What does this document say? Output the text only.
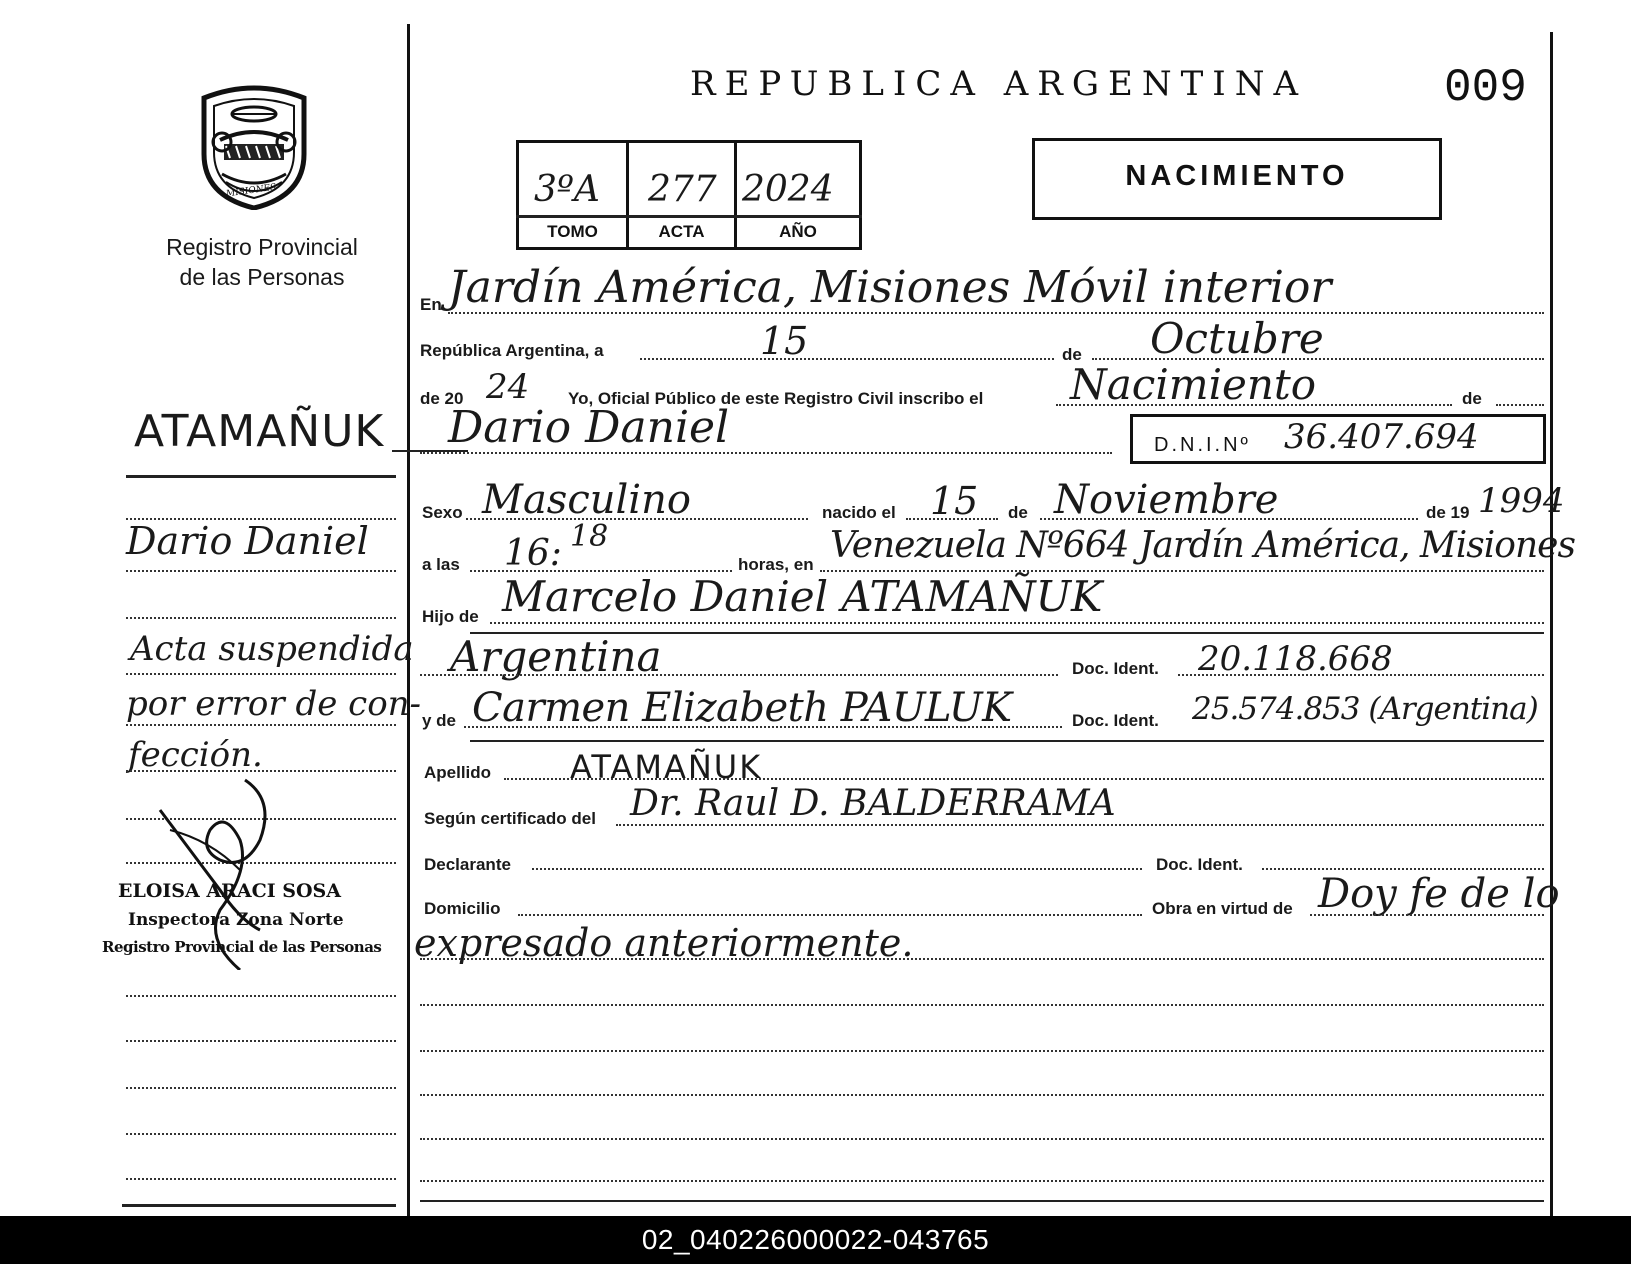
MISIONES
Registro Provincial
de las Personas
ATAMAÑUK
Dario Daniel
Acta suspendida
por error de con-
fección.
ELOISA ARACI SOSA
Inspectora Zona Norte
Registro Provincial de las Personas
REPUBLICA ARGENTINA	009
3ºA 277 2024
TOMO	ACTA	AÑO
NACIMIENTO
En Jardín América, Misiones Móvil interior
República Argentina, a	15	de Octubre
de 20 24 Yo, Oficial Público de este Registro Civil inscribo el Nacimiento	de
Dario Daniel	D.N.I.Nº 36.407.694
Sexo Masculino	nacido el 15 de Noviembre	de 19 1994
a las 16: 18
horas, en Venezuela Nº664 Jardín América, Misiones
Hijo de Marcelo Daniel ATAMAÑUK
Argentina	Doc. Ident. 20.118.668
y de Carmen Elizabeth PAULUK	Doc. Ident. 25.574.853 (Argentina)
Apellido ATAMAÑUK
Según certificado del Dr. Raul D. BALDERRAMA
Declarante	Doc. Ident.
Domicilio	Obra en virtud de Doy fe de lo
expresado anteriormente.
02_040226000022-043765
